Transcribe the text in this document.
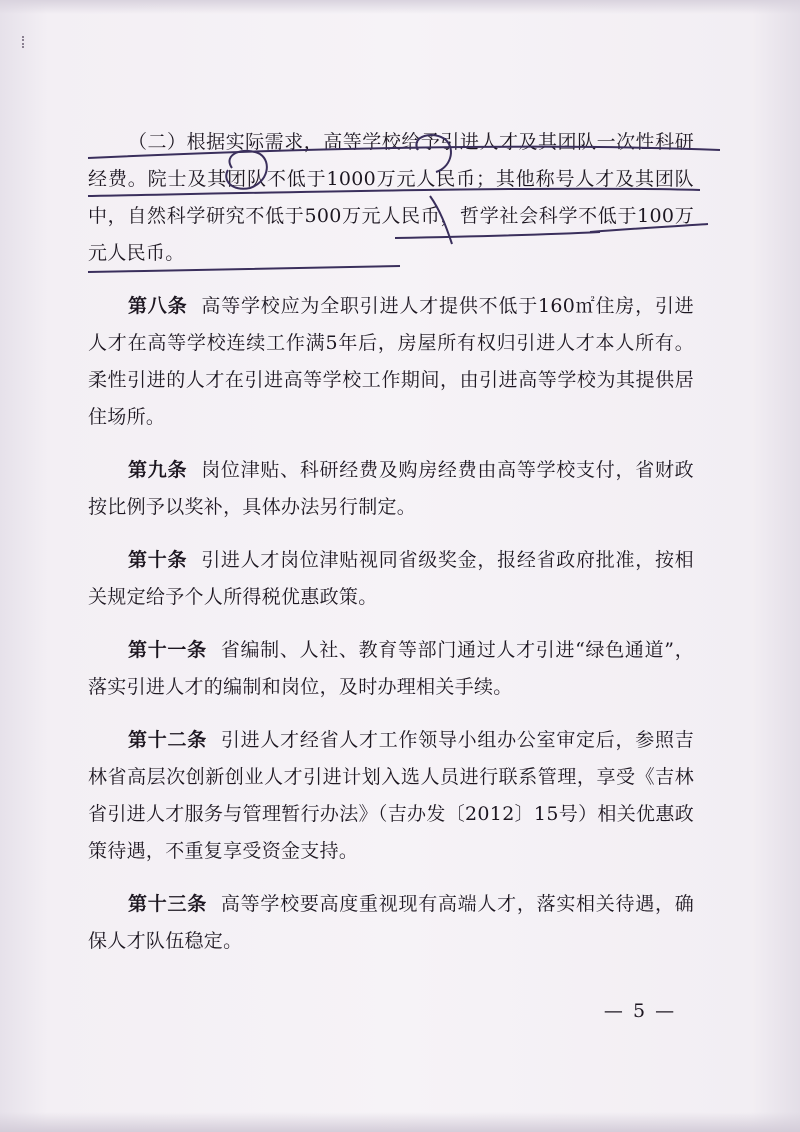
（二）根据实际需求，高等学校给予引进人才及其团队一次性科研经费。院士及其团队不低于1000万元人民币；其他称号人才及其团队中，自然科学研究不低于500万元人民币，哲学社会科学不低于100万元人民币。

第八条 高等学校应为全职引进人才提供不低于160㎡住房，引进人才在高等学校连续工作满5年后，房屋所有权归引进人才本人所有。柔性引进的人才在引进高等学校工作期间，由引进高等学校为其提供居住场所。

第九条 岗位津贴、科研经费及购房经费由高等学校支付，省财政按比例予以奖补，具体办法另行制定。

第十条 引进人才岗位津贴视同省级奖金，报经省政府批准，按相关规定给予个人所得税优惠政策。

第十一条 省编制、人社、教育等部门通过人才引进“绿色通道”，落实引进人才的编制和岗位，及时办理相关手续。

第十二条 引进人才经省人才工作领导小组办公室审定后，参照吉林省高层次创新创业人才引进计划入选人员进行联系管理，享受《吉林省引进人才服务与管理暂行办法》（吉办发〔2012〕15号）相关优惠政策待遇，不重复享受资金支持。

第十三条 高等学校要高度重视现有高端人才，落实相关待遇，确保人才队伍稳定。

— 5 —
